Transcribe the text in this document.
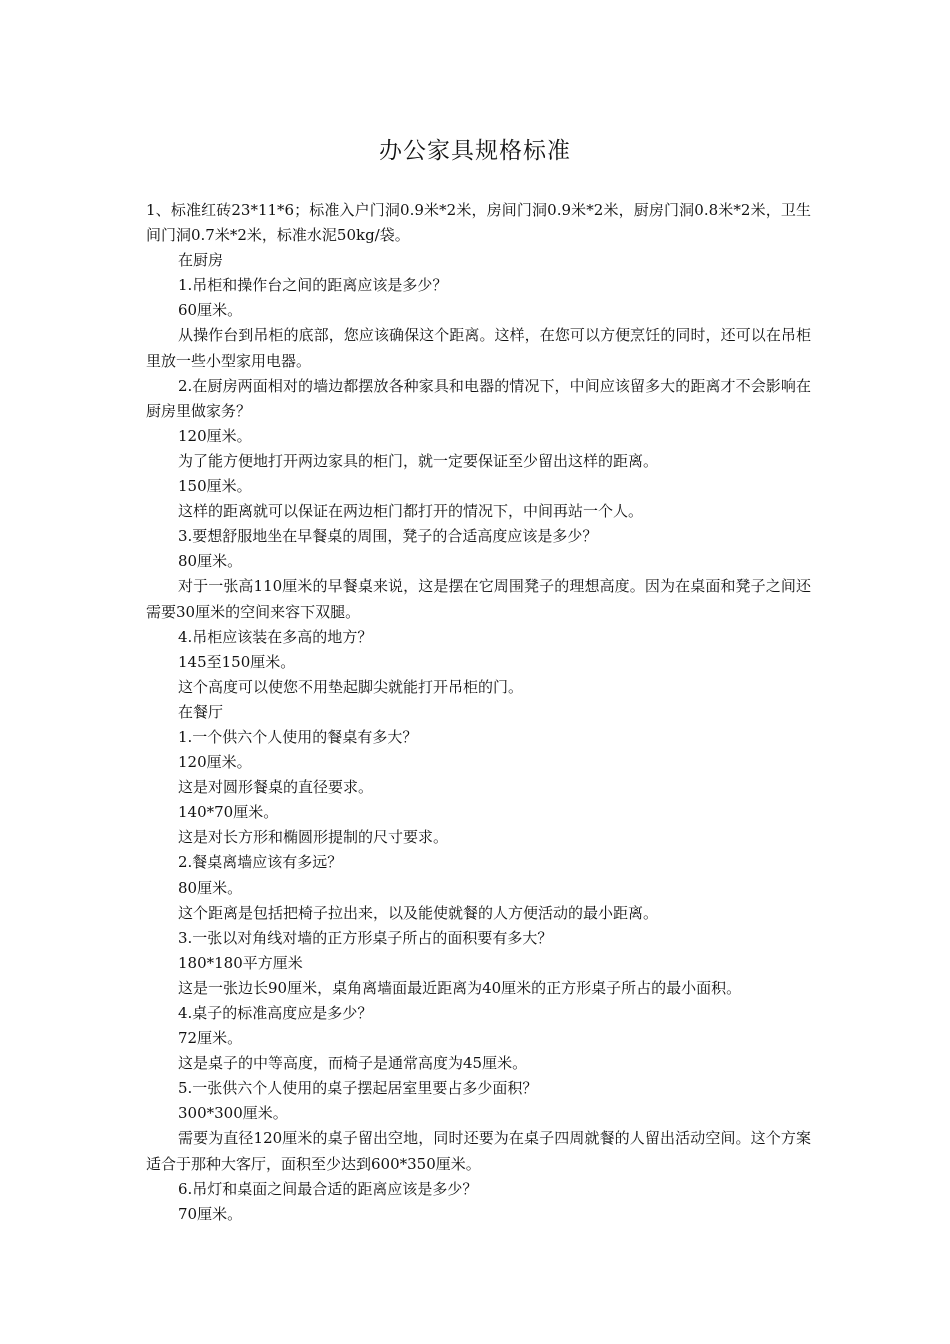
办公家具规格标准

1、标准红砖23*11*6；标准入户门洞0.9米*2米，房间门洞0.9米*2米，厨房门洞0.8米*2米，卫生间门洞0.7米*2米，标准水泥50kg/袋。

在厨房

1.吊柜和操作台之间的距离应该是多少？

60厘米。

从操作台到吊柜的底部，您应该确保这个距离。这样，在您可以方便烹饪的同时，还可以在吊柜里放一些小型家用电器。

2.在厨房两面相对的墙边都摆放各种家具和电器的情况下，中间应该留多大的距离才不会影响在厨房里做家务？

120厘米。

为了能方便地打开两边家具的柜门，就一定要保证至少留出这样的距离。

150厘米。

这样的距离就可以保证在两边柜门都打开的情况下，中间再站一个人。

3.要想舒服地坐在早餐桌的周围，凳子的合适高度应该是多少？

80厘米。

对于一张高110厘米的早餐桌来说，这是摆在它周围凳子的理想高度。因为在桌面和凳子之间还需要30厘米的空间来容下双腿。

4.吊柜应该装在多高的地方？

145至150厘米。

这个高度可以使您不用垫起脚尖就能打开吊柜的门。

在餐厅

1.一个供六个人使用的餐桌有多大？

120厘米。

这是对圆形餐桌的直径要求。

140*70厘米。

这是对长方形和椭圆形提制的尺寸要求。

2.餐桌离墙应该有多远？

80厘米。

这个距离是包括把椅子拉出来，以及能使就餐的人方便活动的最小距离。

3.一张以对角线对墙的正方形桌子所占的面积要有多大？

180*180平方厘米

这是一张边长90厘米，桌角离墙面最近距离为40厘米的正方形桌子所占的最小面积。

4.桌子的标准高度应是多少？

72厘米。

这是桌子的中等高度，而椅子是通常高度为45厘米。

5.一张供六个人使用的桌子摆起居室里要占多少面积？

300*300厘米。

需要为直径120厘米的桌子留出空地，同时还要为在桌子四周就餐的人留出活动空间。这个方案适合于那种大客厅，面积至少达到600*350厘米。

6.吊灯和桌面之间最合适的距离应该是多少？

70厘米。
